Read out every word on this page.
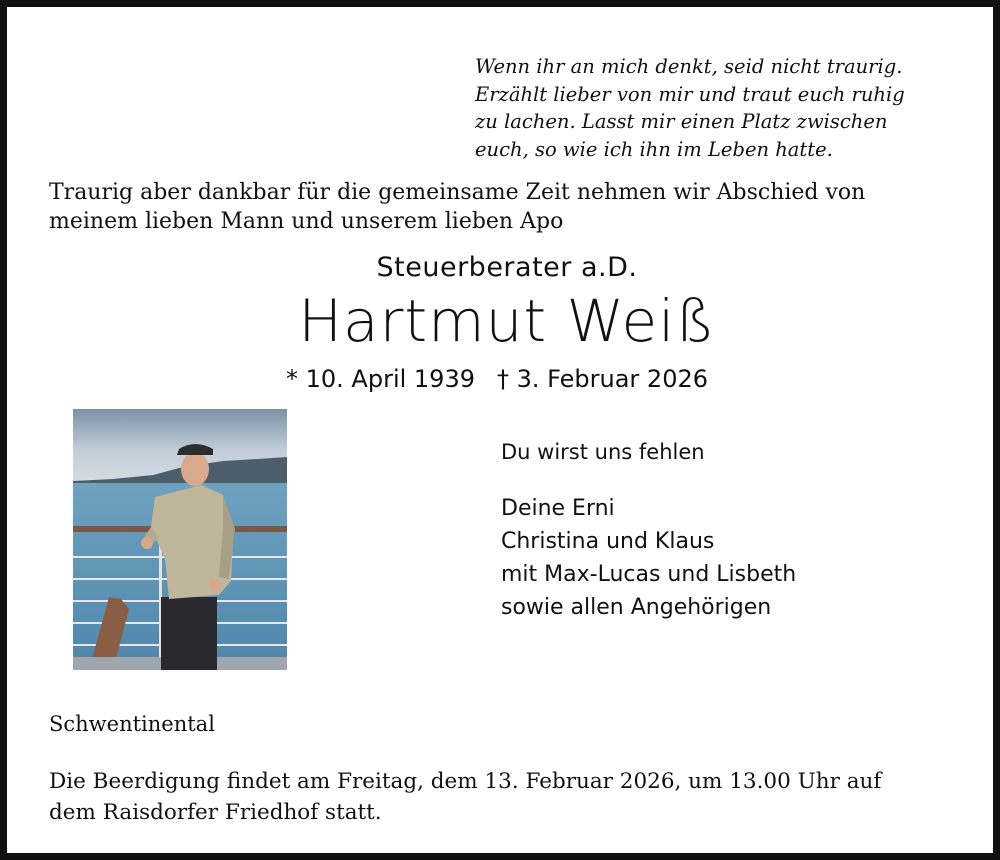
Wenn ihr an mich denkt, seid nicht traurig.
Erzählt lieber von mir und traut euch ruhig
zu lachen. Lasst mir einen Platz zwischen
euch, so wie ich ihn im Leben hatte.
Traurig aber dankbar für die gemeinsame Zeit nehmen wir Abschied von
meinem lieben Mann und unserem lieben Apo
Steuerberater a.D.
Hartmut Weiß
* 10. April 1939 † 3. Februar 2026
Du wirst uns fehlen
Deine Erni
Christina und Klaus
mit Max-Lucas und Lisbeth
sowie allen Angehörigen
Schwentinental
Die Beerdigung findet am Freitag, dem 13. Februar 2026, um 13.00 Uhr auf
dem Raisdorfer Friedhof statt.
